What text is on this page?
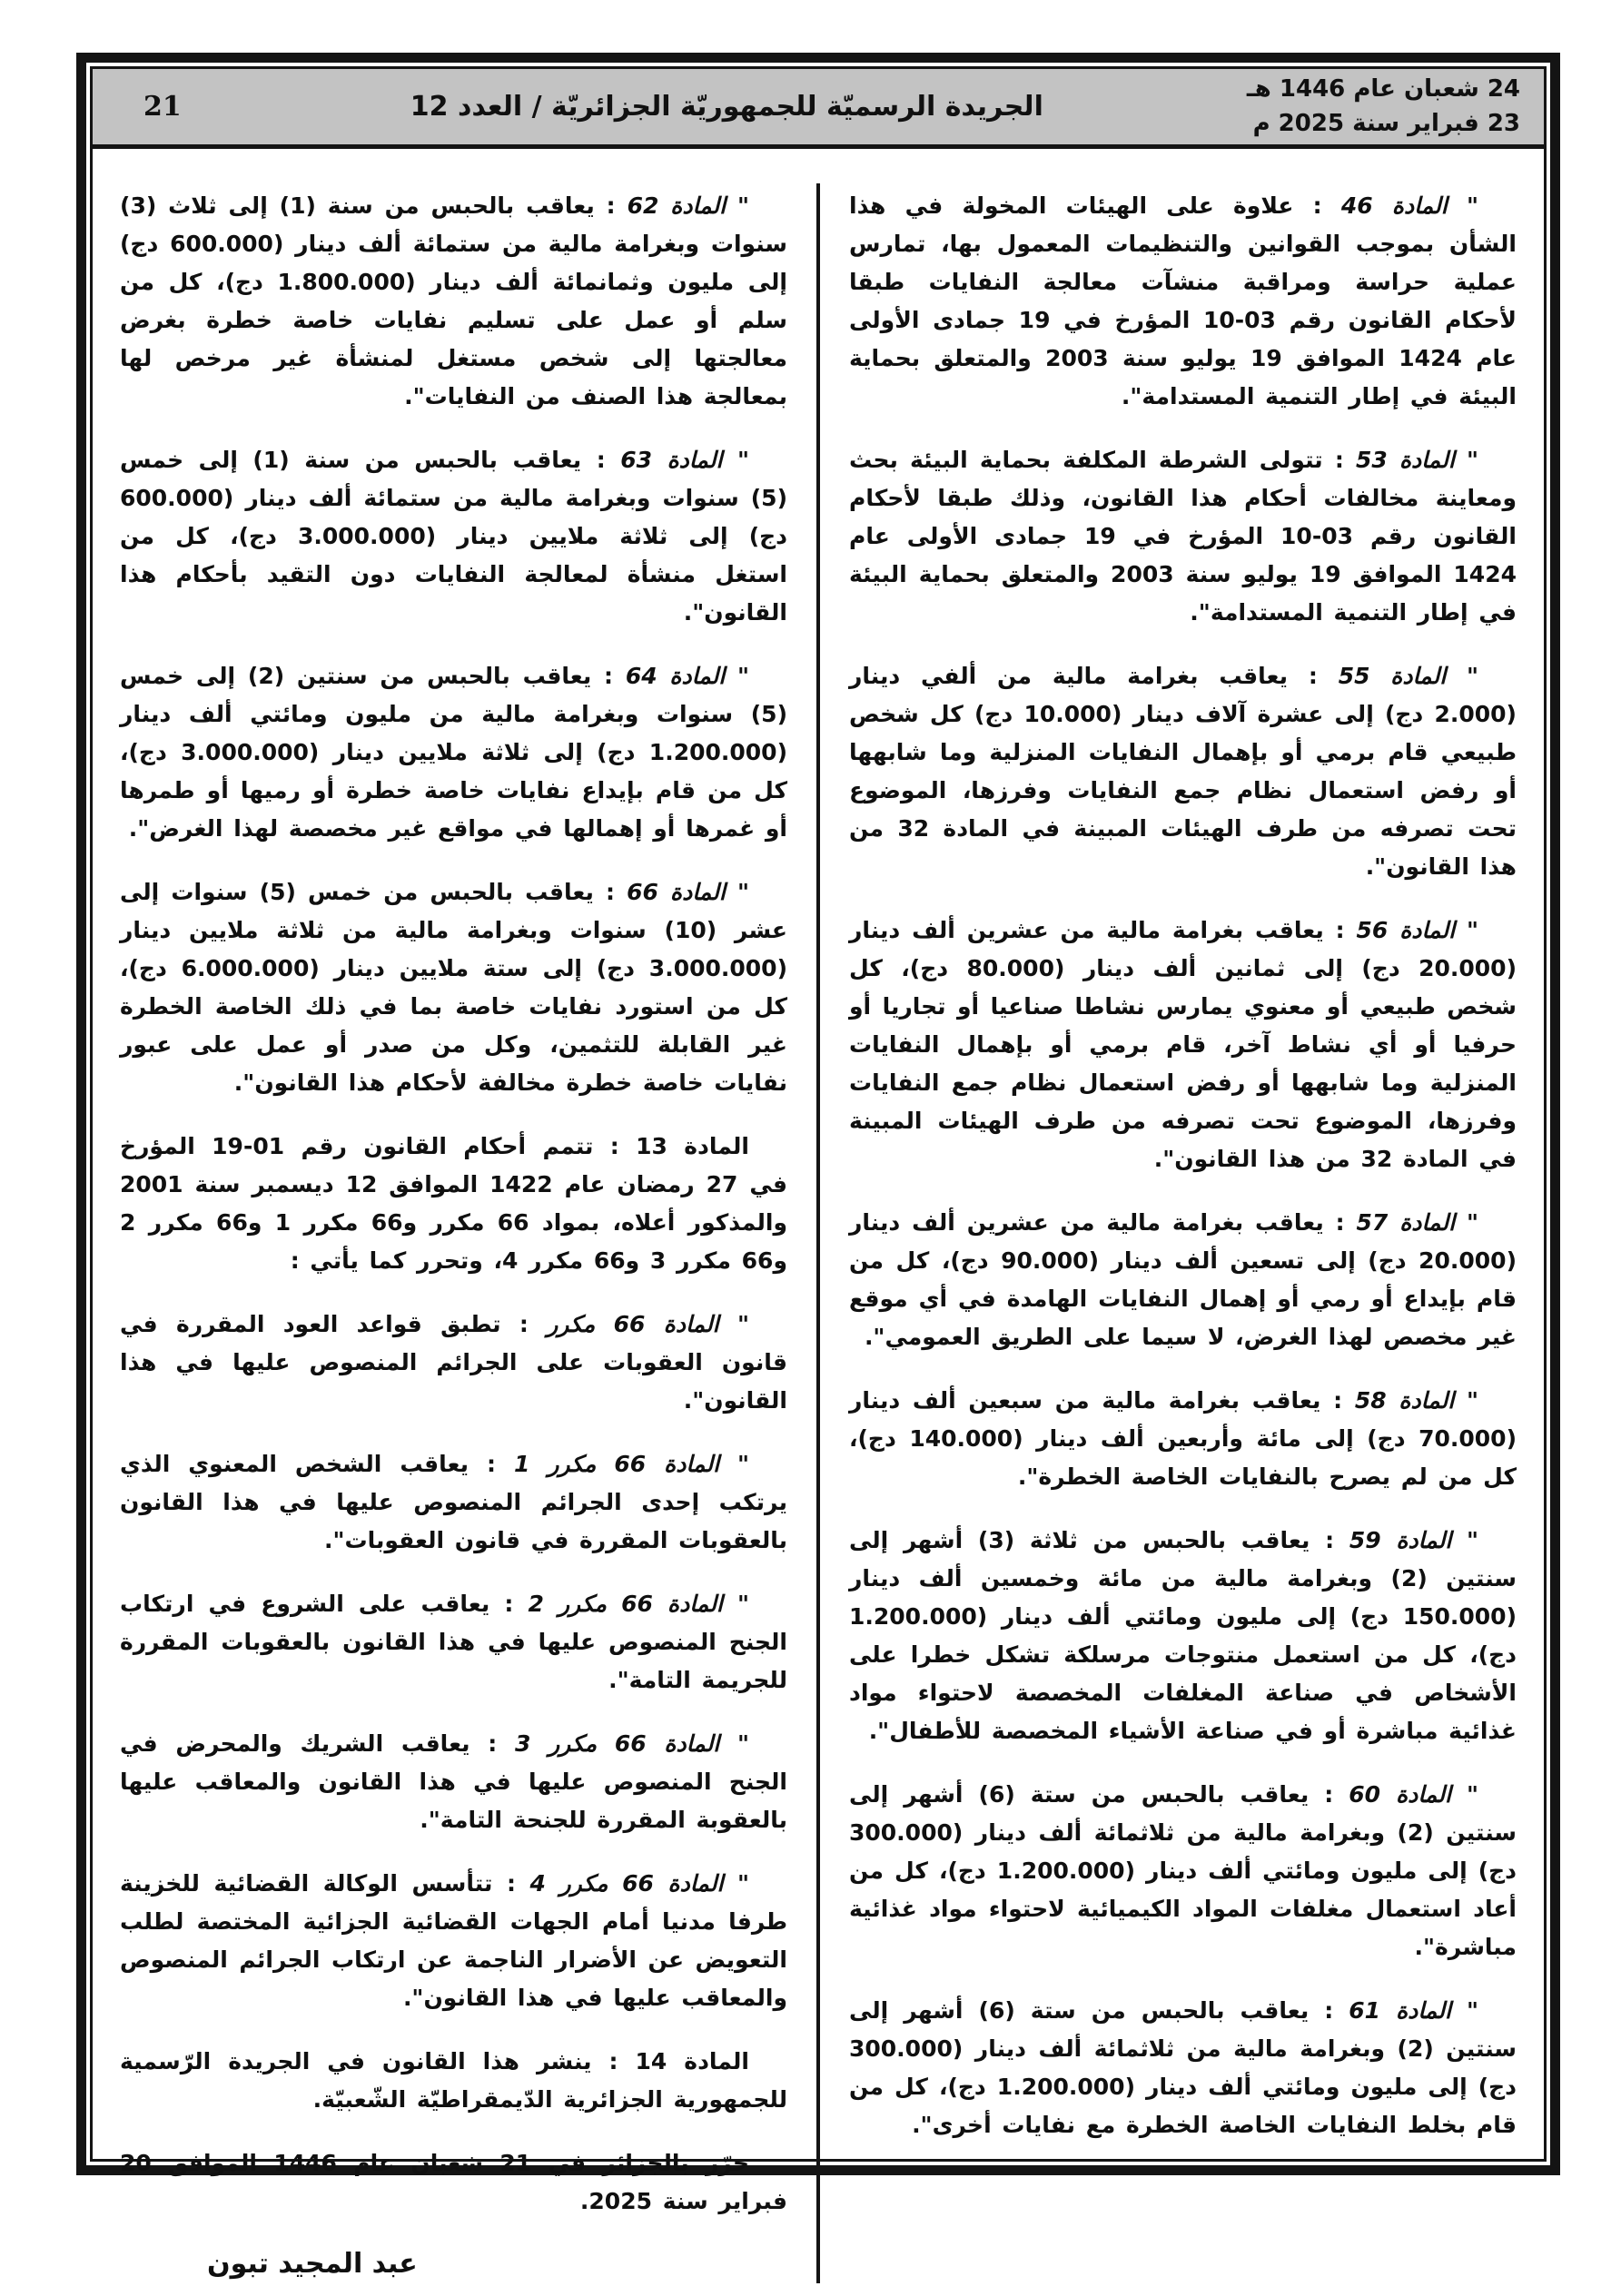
24 شعبان عام 1446 هـ
23 فبراير سنة 2025 م
الجريدة الرسميّة للجمهوريّة الجزائريّة / العدد 12
21

" المادة 46 : علاوة على الهيئات المخولة في هذا الشأن بموجب القوانين والتنظيمات المعمول بها، تمارس عملية حراسة ومراقبة منشآت معالجة النفايات طبقا لأحكام القانون رقم 03-10 المؤرخ في 19 جمادى الأولى عام 1424 الموافق 19 يوليو سنة 2003 والمتعلق بحماية البيئة في إطار التنمية المستدامة".

" المادة 53 : تتولى الشرطة المكلفة بحماية البيئة بحث ومعاينة مخالفات أحكام هذا القانون، وذلك طبقا لأحكام القانون رقم 03-10 المؤرخ في 19 جمادى الأولى عام 1424 الموافق 19 يوليو سنة 2003 والمتعلق بحماية البيئة في إطار التنمية المستدامة".

" المادة 55 : يعاقب بغرامة مالية من ألفي دينار (2.000 دج) إلى عشرة آلاف دينار (10.000 دج) كل شخص طبيعي قام برمي أو بإهمال النفايات المنزلية وما شابهها أو رفض استعمال نظام جمع النفايات وفرزها، الموضوع تحت تصرفه من طرف الهيئات المبينة في المادة 32 من هذا القانون".

" المادة 56 : يعاقب بغرامة مالية من عشرين ألف دينار (20.000 دج) إلى ثمانين ألف دينار (80.000 دج)، كل شخص طبيعي أو معنوي يمارس نشاطا صناعيا أو تجاريا أو حرفيا أو أي نشاط آخر، قام برمي أو بإهمال النفايات المنزلية وما شابهها أو رفض استعمال نظام جمع النفايات وفرزها، الموضوع تحت تصرفه من طرف الهيئات المبينة في المادة 32 من هذا القانون".

" المادة 57 : يعاقب بغرامة مالية من عشرين ألف دينار (20.000 دج) إلى تسعين ألف دينار (90.000 دج)، كل من قام بإيداع أو رمي أو إهمال النفايات الهامدة في أي موقع غير مخصص لهذا الغرض، لا سيما على الطريق العمومي".

" المادة 58 : يعاقب بغرامة مالية من سبعين ألف دينار (70.000 دج) إلى مائة وأربعين ألف دينار (140.000 دج)، كل من لم يصرح بالنفايات الخاصة الخطرة".

" المادة 59 : يعاقب بالحبس من ثلاثة (3) أشهر إلى سنتين (2) وبغرامة مالية من مائة وخمسين ألف دينار (150.000 دج) إلى مليون ومائتي ألف دينار (1.200.000 دج)، كل من استعمل منتوجات مرسلكة تشكل خطرا على الأشخاص في صناعة المغلفات المخصصة لاحتواء مواد غذائية مباشرة أو في صناعة الأشياء المخصصة للأطفال".

" المادة 60 : يعاقب بالحبس من ستة (6) أشهر إلى سنتين (2) وبغرامة مالية من ثلاثمائة ألف دينار (300.000 دج) إلى مليون ومائتي ألف دينار (1.200.000 دج)، كل من أعاد استعمال مغلفات المواد الكيميائية لاحتواء مواد غذائية مباشرة".

" المادة 61 : يعاقب بالحبس من ستة (6) أشهر إلى سنتين (2) وبغرامة مالية من ثلاثمائة ألف دينار (300.000 دج) إلى مليون ومائتي ألف دينار (1.200.000 دج)، كل من قام بخلط النفايات الخاصة الخطرة مع نفايات أخرى".

" المادة 62 : يعاقب بالحبس من سنة (1) إلى ثلاث (3) سنوات وبغرامة مالية من ستمائة ألف دينار (600.000 دج) إلى مليون وثمانمائة ألف دينار (1.800.000 دج)، كل من سلم أو عمل على تسليم نفايات خاصة خطرة بغرض معالجتها إلى شخص مستغل لمنشأة غير مرخص لها بمعالجة هذا الصنف من النفايات".

" المادة 63 : يعاقب بالحبس من سنة (1) إلى خمس (5) سنوات وبغرامة مالية من ستمائة ألف دينار (600.000 دج) إلى ثلاثة ملايين دينار (3.000.000 دج)، كل من استغل منشأة لمعالجة النفايات دون التقيد بأحكام هذا القانون".

" المادة 64 : يعاقب بالحبس من سنتين (2) إلى خمس (5) سنوات وبغرامة مالية من مليون ومائتي ألف دينار (1.200.000 دج) إلى ثلاثة ملايين دينار (3.000.000 دج)، كل من قام بإيداع نفايات خاصة خطرة أو رميها أو طمرها أو غمرها أو إهمالها في مواقع غير مخصصة لهذا الغرض".

" المادة 66 : يعاقب بالحبس من خمس (5) سنوات إلى عشر (10) سنوات وبغرامة مالية من ثلاثة ملايين دينار (3.000.000 دج) إلى ستة ملايين دينار (6.000.000 دج)، كل من استورد نفايات خاصة بما في ذلك الخاصة الخطرة غير القابلة للتثمين، وكل من صدر أو عمل على عبور نفايات خاصة خطرة مخالفة لأحكام هذا القانون".

المادة 13 : تتمم أحكام القانون رقم 01-19 المؤرخ في 27 رمضان عام 1422 الموافق 12 ديسمبر سنة 2001 والمذكور أعلاه، بمواد 66 مكرر و66 مكرر 1 و66 مكرر 2 و66 مكرر 3 و66 مكرر 4، وتحرر كما يأتي :

" المادة 66 مكرر : تطبق قواعد العود المقررة في قانون العقوبات على الجرائم المنصوص عليها في هذا القانون".

" المادة 66 مكرر 1 : يعاقب الشخص المعنوي الذي يرتكب إحدى الجرائم المنصوص عليها في هذا القانون بالعقوبات المقررة في قانون العقوبات".

" المادة 66 مكرر 2 : يعاقب على الشروع في ارتكاب الجنح المنصوص عليها في هذا القانون بالعقوبات المقررة للجريمة التامة".

" المادة 66 مكرر 3 : يعاقب الشريك والمحرض في الجنح المنصوص عليها في هذا القانون والمعاقب عليها بالعقوبة المقررة للجنحة التامة".

" المادة 66 مكرر 4 : تتأسس الوكالة القضائية للخزينة طرفا مدنيا أمام الجهات القضائية الجزائية المختصة لطلب التعويض عن الأضرار الناجمة عن ارتكاب الجرائم المنصوص والمعاقب عليها في هذا القانون".

المادة 14 : ينشر هذا القانون في الجريدة الرّسمية للجمهورية الجزائرية الدّيمقراطيّة الشّعبيّة.

حرّر بالجزائر في 21 شعبان عام 1446 الموافق 20 فبراير سنة 2025.

عبد المجيد تبون
